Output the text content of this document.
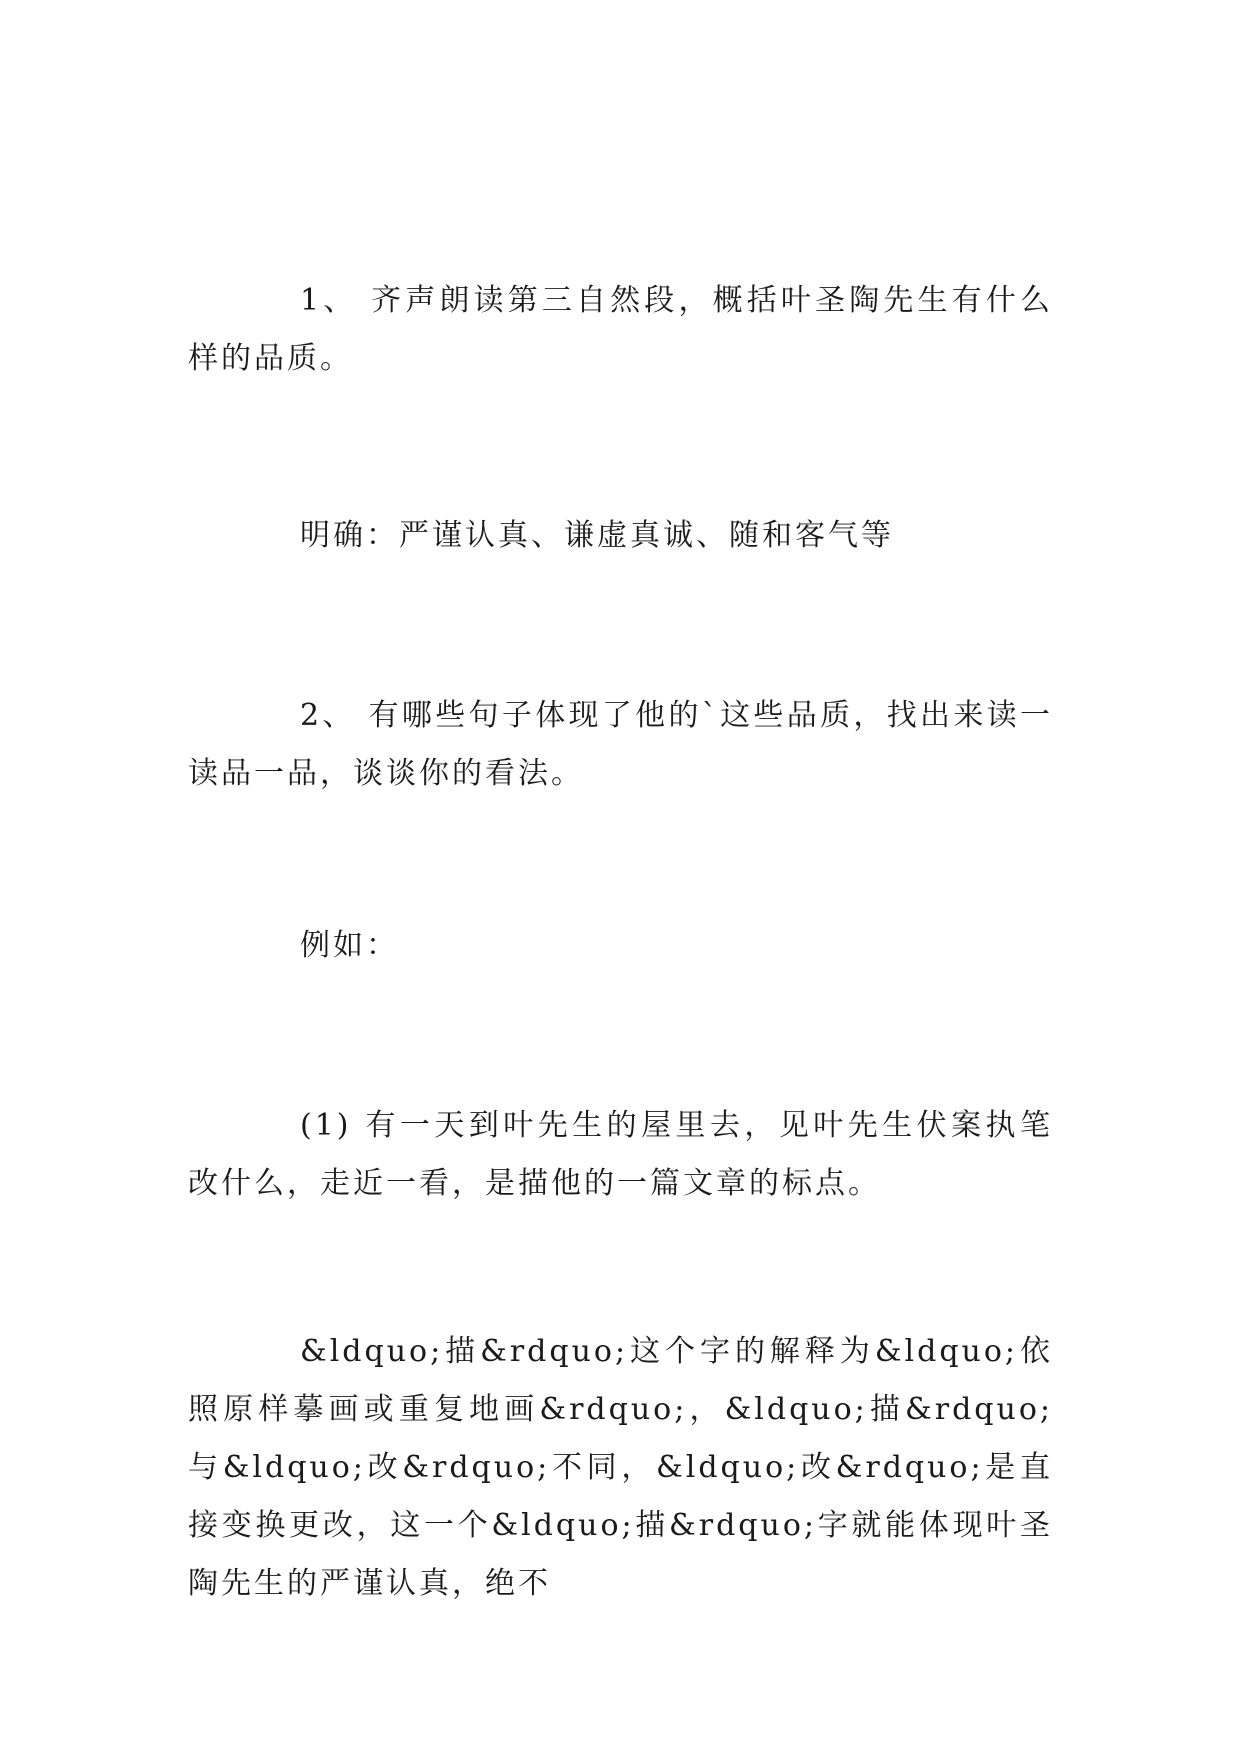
1、 齐声朗读第三自然段，概括叶圣陶先生有什么样的品质。

明确：严谨认真、谦虚真诚、随和客气等

2、 有哪些句子体现了他的`这些品质，找出来读一读品一品，谈谈你的看法。

例如：

(1) 有一天到叶先生的屋里去，见叶先生伏案执笔改什么，走近一看，是描他的一篇文章的标点。

&ldquo;描&rdquo;这个字的解释为&ldquo;依照原样摹画或重复地画&rdquo;，&ldquo;描&rdquo;与&ldquo;改&rdquo;不同，&ldquo;改&rdquo;是直接变换更改，这一个&ldquo;描&rdquo;字就能体现叶圣陶先生的严谨认真，绝不
